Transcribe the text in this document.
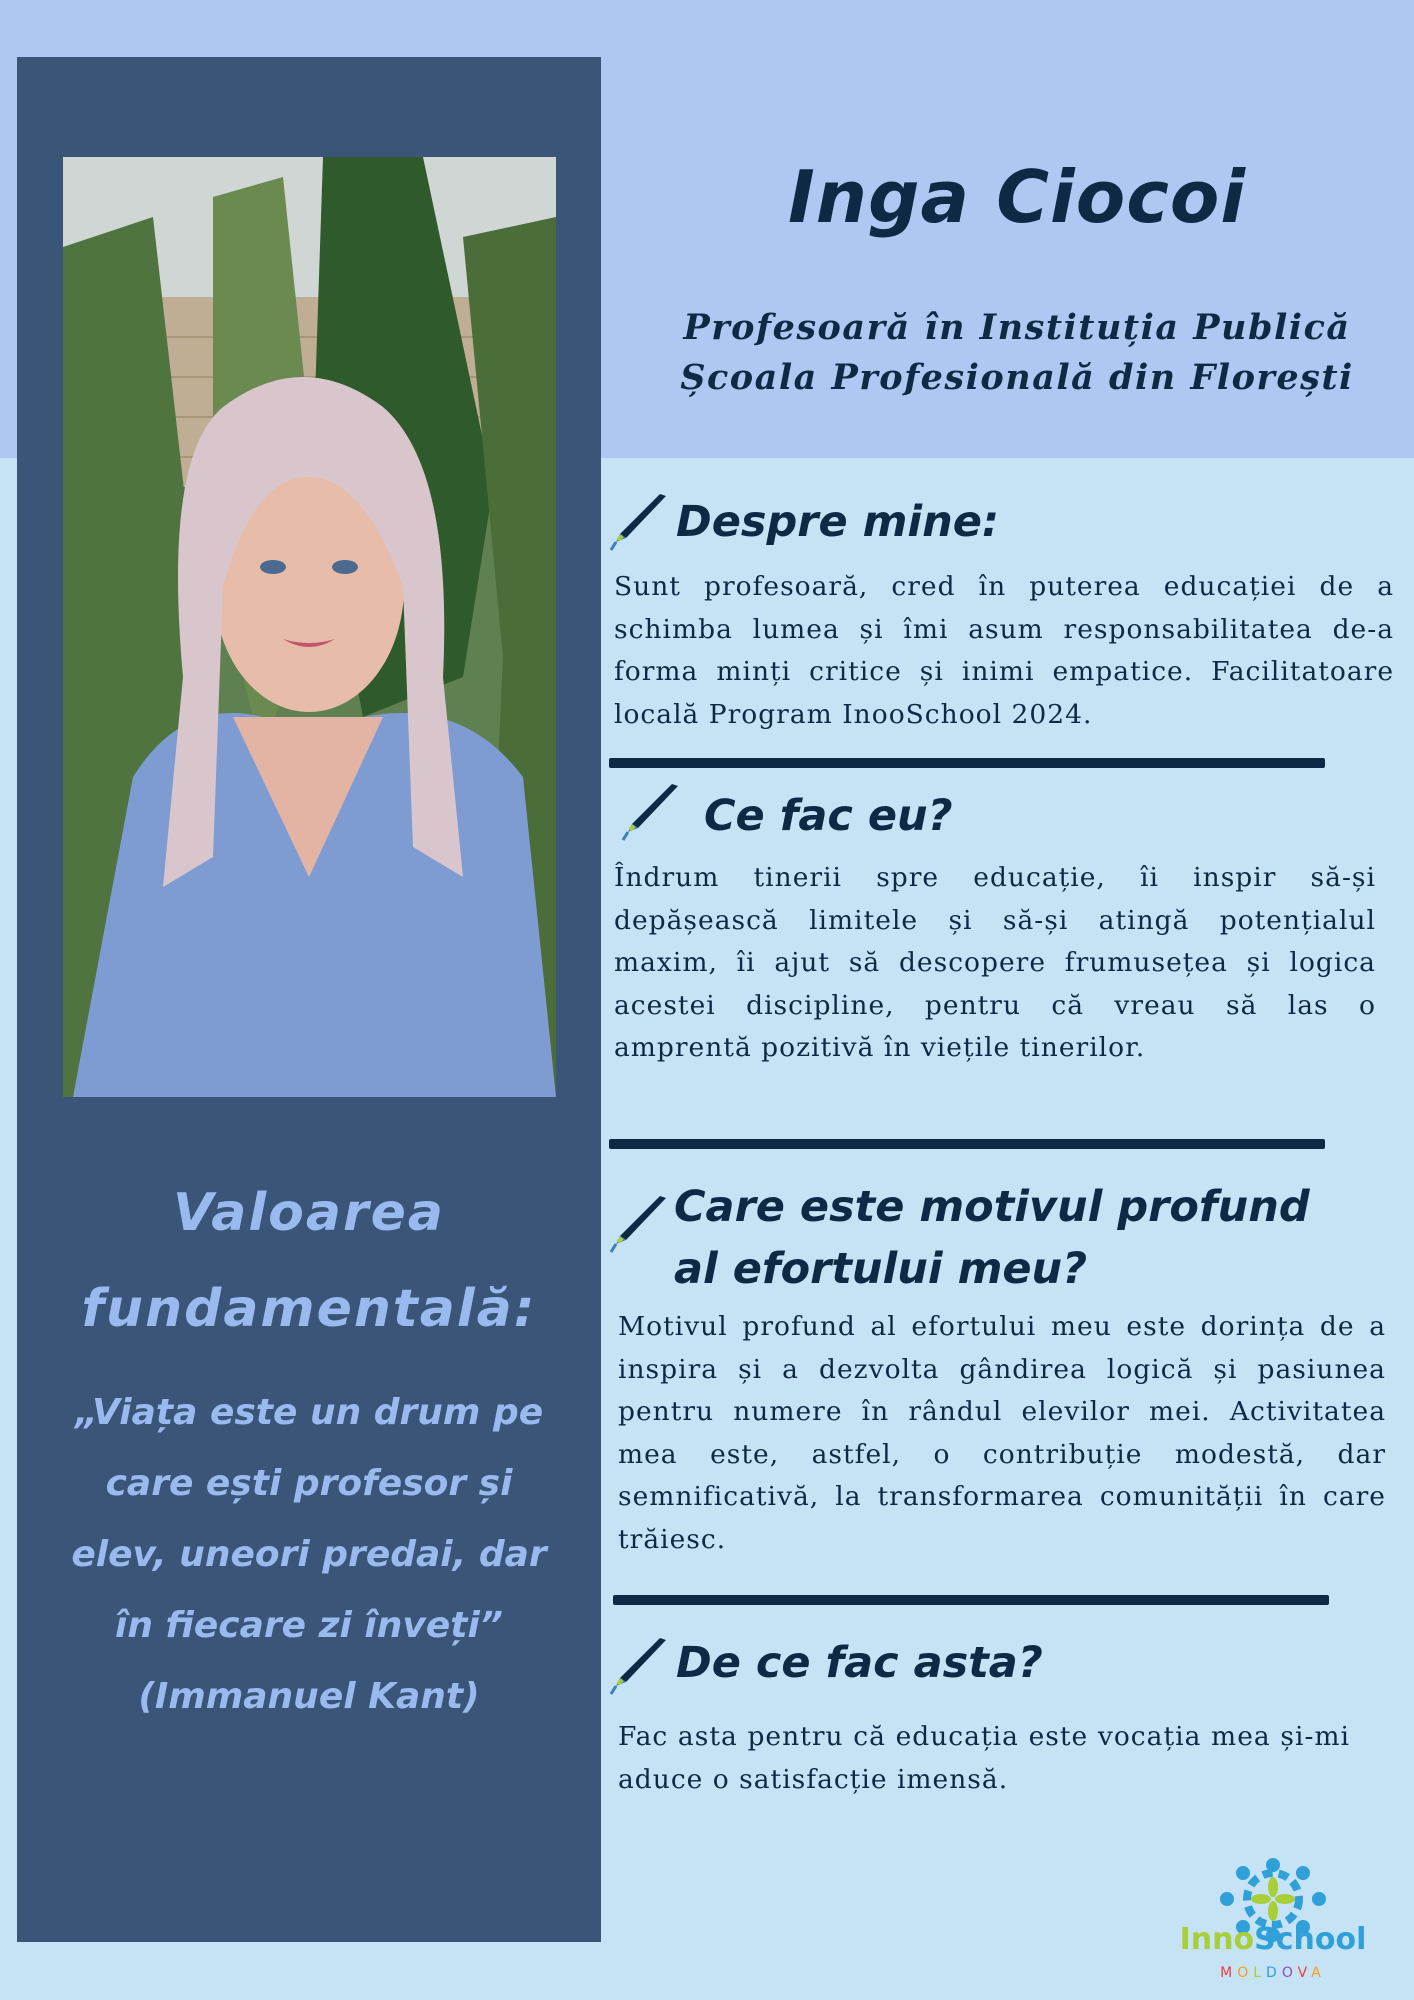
Valoarea
fundamentală:

„Viața este un drum pe
care ești profesor și
elev, uneori predai, dar
în fiecare zi înveți”
(Immanuel Kant)

Inga Ciocoi

Profesoară în Instituția Publică
Școala Profesională din Florești

Despre mine:

Sunt profesoară, cred în puterea educației de a schimba lumea și îmi asum responsabilitatea de-a forma minți critice și inimi empatice. Facilitatoare locală Program InooSchool 2024.

Ce fac eu?

Îndrum tinerii spre educație, îi inspir să-și depășească limitele și să-și atingă potențialul maxim, îi ajut să descopere frumusețea și logica acestei discipline, pentru că vreau să las o amprentă pozitivă în viețile tinerilor.

Care este motivul profund
al efortului meu?

Motivul profund al efortului meu este dorința de a inspira și a dezvolta gândirea logică și pasiunea pentru numere în rândul elevilor mei. Activitatea mea este, astfel, o contribuție modestă, dar semnificativă, la transformarea comunității în care trăiesc.

De ce fac asta?

Fac asta pentru că educația este vocația mea și-mi aduce o satisfacție imensă.

InnoSchool

MOLDOVA
